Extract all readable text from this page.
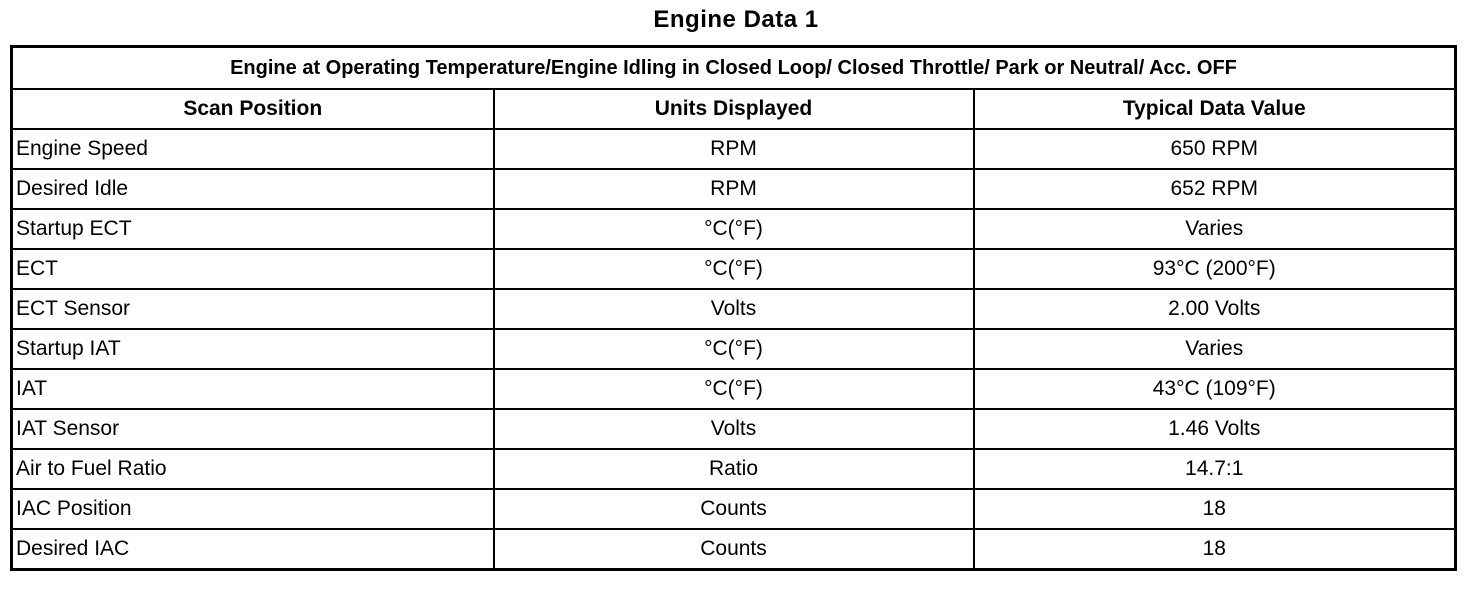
Engine Data 1
Engine at Operating Temperature/Engine Idling in Closed Loop/ Closed Throttle/ Park or Neutral/ Acc. OFF		
Scan Position	Units Displayed	Typical Data Value
Engine Speed	RPM	650 RPM
Desired Idle	RPM	652 RPM
Startup ECT	°C(°F)	Varies
ECT	°C(°F)	93°C (200°F)
ECT Sensor	Volts	2.00 Volts
Startup IAT	°C(°F)	Varies
IAT	°C(°F)	43°C (109°F)
IAT Sensor	Volts	1.46 Volts
Air to Fuel Ratio	Ratio	14.7:1
IAC Position	Counts	18
Desired IAC	Counts	18
